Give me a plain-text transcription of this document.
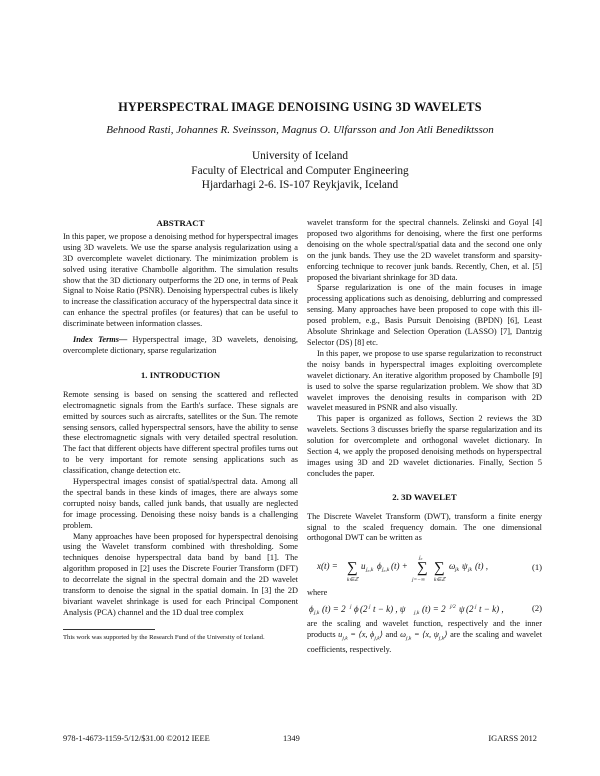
HYPERSPECTRAL IMAGE DENOISING USING 3D WAVELETS
Behnood Rasti, Johannes R. Sveinsson, Magnus O. Ulfarsson and Jon Atli Benediktsson
University of Iceland
Faculty of Electrical and Computer Engineering
Hjardarhagi 2-6. IS-107 Reykjavik, Iceland

ABSTRACT

In this paper, we propose a denoising method for hyperspectral images using 3D wavelets. We use the sparse analysis regularization using a 3D overcomplete wavelet dictionary. The minimization problem is solved using iterative Chambolle algorithm. The simulation results show that the 3D dictionary outperforms the 2D one, in terms of Peak Signal to Noise Ratio (PSNR). Denoising hyperspectral cubes is likely to increase the classification accuracy of the hyperspectral data since it can enhance the spectral profiles (or features) that can be useful to discriminate between information classes.

Index Terms— Hyperspectral image, 3D wavelets, denoising, overcomplete dictionary, sparse regularization

1. INTRODUCTION

Remote sensing is based on sensing the scattered and reflected electromagnetic signals from the Earth's surface. These signals are emitted by sources such as aircrafts, satellites or the Sun. The remote sensing sensors, called hyperspectral sensors, have the ability to sense these electromagnetic signals with very detailed spectral resolution. The fact that different objects have different spectral profiles turns out to be very important for remote sensing applications such as classification, change detection etc.

Hyperspectral images consist of spatial/spectral data. Among all the spectral bands in these kinds of images, there are always some corrupted noisy bands, called junk bands, that usually are neglected for image processing. Denoising these noisy bands is a challenging problem.

Many approaches have been proposed for hyperspectral denoising using the Wavelet transform combined with thresholding. Some techniques denoise hyperspectral data band by band [1]. The algorithm proposed in [2] uses the Discrete Fourier Transform (DFT) to decorrelate the signal in the spectral domain and the 2D wavelet transform to denoise the signal in the spatial domain. In [3] the 2D bivariant wavelet shrinkage is used for each Principal Component Analysis (PCA) channel and the 1D dual tree complex

This work was supported by the Research Fund of the University of Iceland.

wavelet transform for the spectral channels. Zelinski and Goyal [4] proposed two algorithms for denoising, where the first one performs denoising on the whole spectral/spatial data and the second one only on the junk bands. They use the 2D wavelet transform and sparsity-enforcing technique to recover junk bands. Recently, Chen, et al. [5] proposed the bivariant shrinkage for 3D data.

Sparse regularization is one of the main focuses in image processing applications such as denoising, deblurring and compressed sensing. Many approaches have been proposed to cope with this ill-posed problem, e.g., Basis Pursuit Denoising (BPDN) [6], Least Absolute Shrinkage and Selection Operation (LASSO) [7], Dantzig Selector (DS) [8] etc.

In this paper, we propose to use sparse regularization to reconstruct the noisy bands in hyperspectral images exploiting overcomplete wavelet dictionary. An iterative algorithm proposed by Chambolle [9] is used to solve the sparse regularization problem. We show that 3D wavelet improves the denoising results in comparison with 2D wavelet measured in PSNR and also visually.

This paper is organized as follows, Section 2 reviews the 3D wavelets. Sections 3 discusses briefly the sparse regularization and its solution for overcomplete and orthogonal wavelet dictionary. In Section 4, we apply the proposed denoising methods on hyperspectral images using 3D and 2D wavelet dictionaries. Finally, Section 5 concludes the paper.

2. 3D WAVELET

The Discrete Wavelet Transform (DWT), transform a finite energy signal to the scaled frequency domain. The one dimensional orthogonal DWT can be written as

x(t) = ∑
k∈ℤ
u j₀,k ϕ j₀,k (t) + ∑
j₀
j=−∞
∑
k∈ℤ
ω jk ψ jk (t) ,	(1)

where

ϕ j,k (t) = 2 j ϕ (2 j t − k) , ψ j,k (t) = 2 j/2 ψ (2 j t − k) ,	(2)

are the scaling and wavelet function, respectively and the inner products $u_{j,k}$ = ⟨x, $\phi_{j,k}⟩$ and $\omega_{j,k}$ = ⟨x, $\psi_{j,k}⟩$ are the scaling and wavelet coefficients, respectively.

978-1-4673-1159-5/12/$31.00 ©2012 IEEE	1349	IGARSS 2012
